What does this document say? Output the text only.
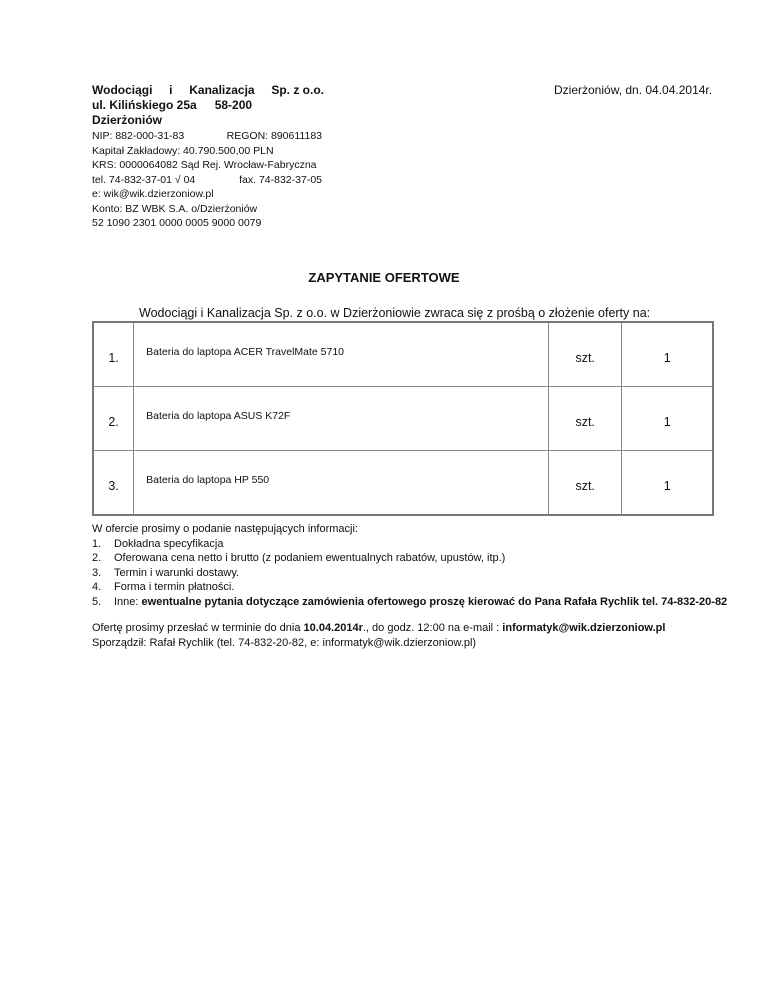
Wodociągi i Kanalizacja Sp. z o.o.
ul. Kilińskiego 25a 58-200 Dzierżoniów
NIP: 882-000-31-83	REGON: 890611183
Kapitał Zakładowy: 40.790.500,00 PLN
KRS: 0000064082 Sąd Rej. Wrocław-Fabryczna
tel. 74-832-37-01 √ 04	fax. 74-832-37-05
e: wik@wik.dzierzoniow.pl
Konto: BZ WBK S.A. o/Dzierżoniów
52 1090 2301 0000 0005 9000 0079
Dzierżoniów, dn. 04.04.2014r.
ZAPYTANIE OFERTOWE
Wodociągi i Kanalizacja Sp. z o.o. w Dzierżoniowie zwraca się z prośbą o złożenie oferty na:
1.	Bateria do laptopa ACER TravelMate 5710	szt.	1
2.	Bateria do laptopa ASUS K72F	szt.	1
3.	Bateria do laptopa HP 550	szt.	1
W ofercie prosimy o podanie następujących informacji:
1.	Dokładna specyfikacja
2.	Oferowana cena netto i brutto (z podaniem ewentualnych rabatów, upustów, itp.)
3.	Termin i warunki dostawy.
4.	Forma i termin płatności.
5.	Inne: ewentualne pytania dotyczące zamówienia ofertowego proszę kierować do Pana Rafała Rychlik tel. 74-832-20-82
Ofertę prosimy przesłać w terminie do dnia 10.04.2014r., do godz. 12:00 na e-mail : informatyk@wik.dzierzoniow.pl
Sporządził: Rafał Rychlik (tel. 74-832-20-82, e: informatyk@wik.dzierzoniow.pl)
